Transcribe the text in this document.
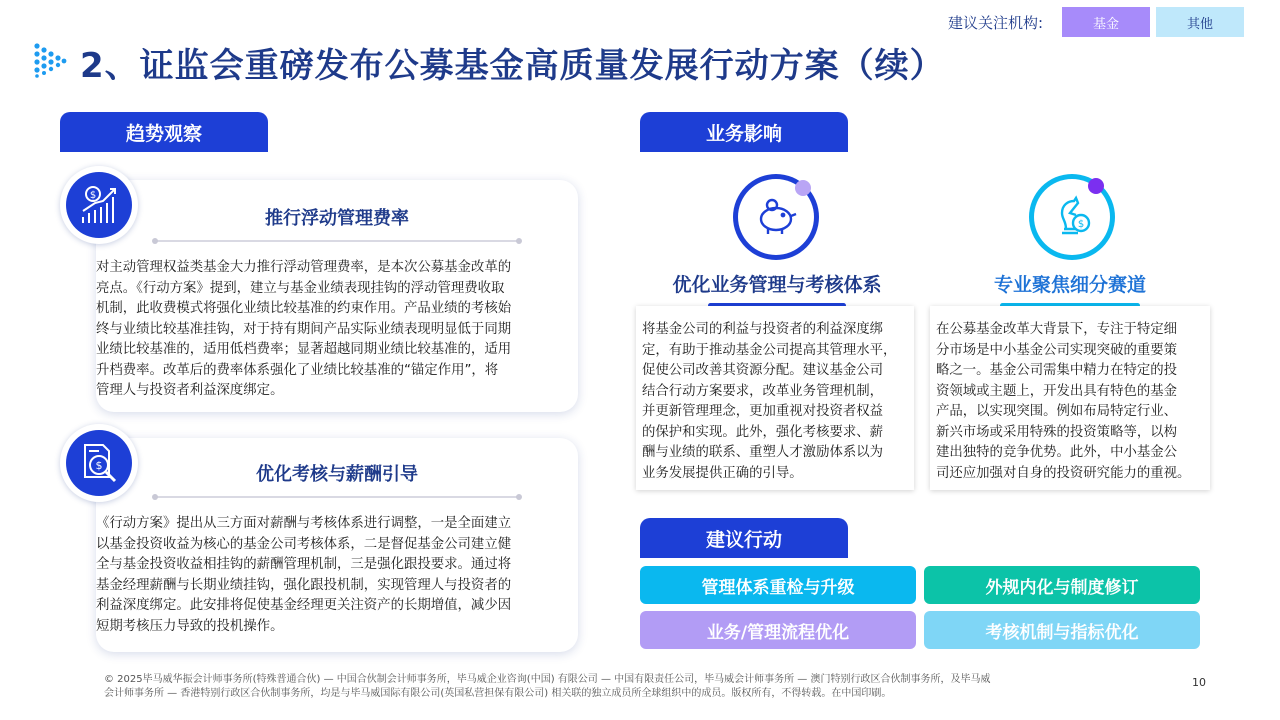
建议关注机构:	基金	其他
2、证监会重磅发布公募基金高质量发展行动方案（续）
趋势观察
推行浮动管理费率
对主动管理权益类基金大力推行浮动管理费率，是本次公募基金改革的
亮点。《行动方案》提到，建立与基金业绩表现挂钩的浮动管理费收取
机制，此收费模式将强化业绩比较基准的约束作用。产品业绩的考核始
终与业绩比较基准挂钩，对于持有期间产品实际业绩表现明显低于同期
业绩比较基准的，适用低档费率；显著超越同期业绩比较基准的，适用
升档费率。改革后的费率体系强化了业绩比较基准的“锚定作用”，将
管理人与投资者利益深度绑定。
$
优化考核与薪酬引导
《行动方案》提出从三方面对薪酬与考核体系进行调整，一是全面建立
以基金投资收益为核心的基金公司考核体系，二是督促基金公司建立健
全与基金投资收益相挂钩的薪酬管理机制，三是强化跟投要求。通过将
基金经理薪酬与长期业绩挂钩，强化跟投机制，实现管理人与投资者的
利益深度绑定。此安排将促使基金经理更关注资产的长期增值，减少因
短期考核压力导致的投机操作。
$
业务影响
$
优化业务管理与考核体系	专业聚焦细分赛道
将基金公司的利益与投资者的利益深度绑
定，有助于推动基金公司提高其管理水平，
促使公司改善其资源分配。建议基金公司
结合行动方案要求，改革业务管理机制，
并更新管理理念，更加重视对投资者权益
的保护和实现。此外，强化考核要求、薪
酬与业绩的联系、重塑人才激励体系以为
业务发展提供正确的引导。
在公募基金改革大背景下，专注于特定细
分市场是中小基金公司实现突破的重要策
略之一。基金公司需集中精力在特定的投
资领域或主题上，开发出具有特色的基金
产品，以实现突围。例如布局特定行业、
新兴市场或采用特殊的投资策略等，以构
建出独特的竞争优势。此外，中小基金公
司还应加强对自身的投资研究能力的重视。
建议行动
管理体系重检与升级	外规内化与制度修订
业务/管理流程优化	考核机制与指标优化
© 2025毕马威华振会计师事务所(特殊普通合伙) — 中国合伙制会计师事务所，毕马威企业咨询(中国) 有限公司 — 中国有限责任公司，毕马威会计师事务所 — 澳门特别行政区合伙制事务所，及毕马威
会计师事务所 — 香港特别行政区合伙制事务所，均是与毕马威国际有限公司(英国私营担保有限公司) 相关联的独立成员所全球组织中的成员。版权所有，不得转载。在中国印刷。
10
